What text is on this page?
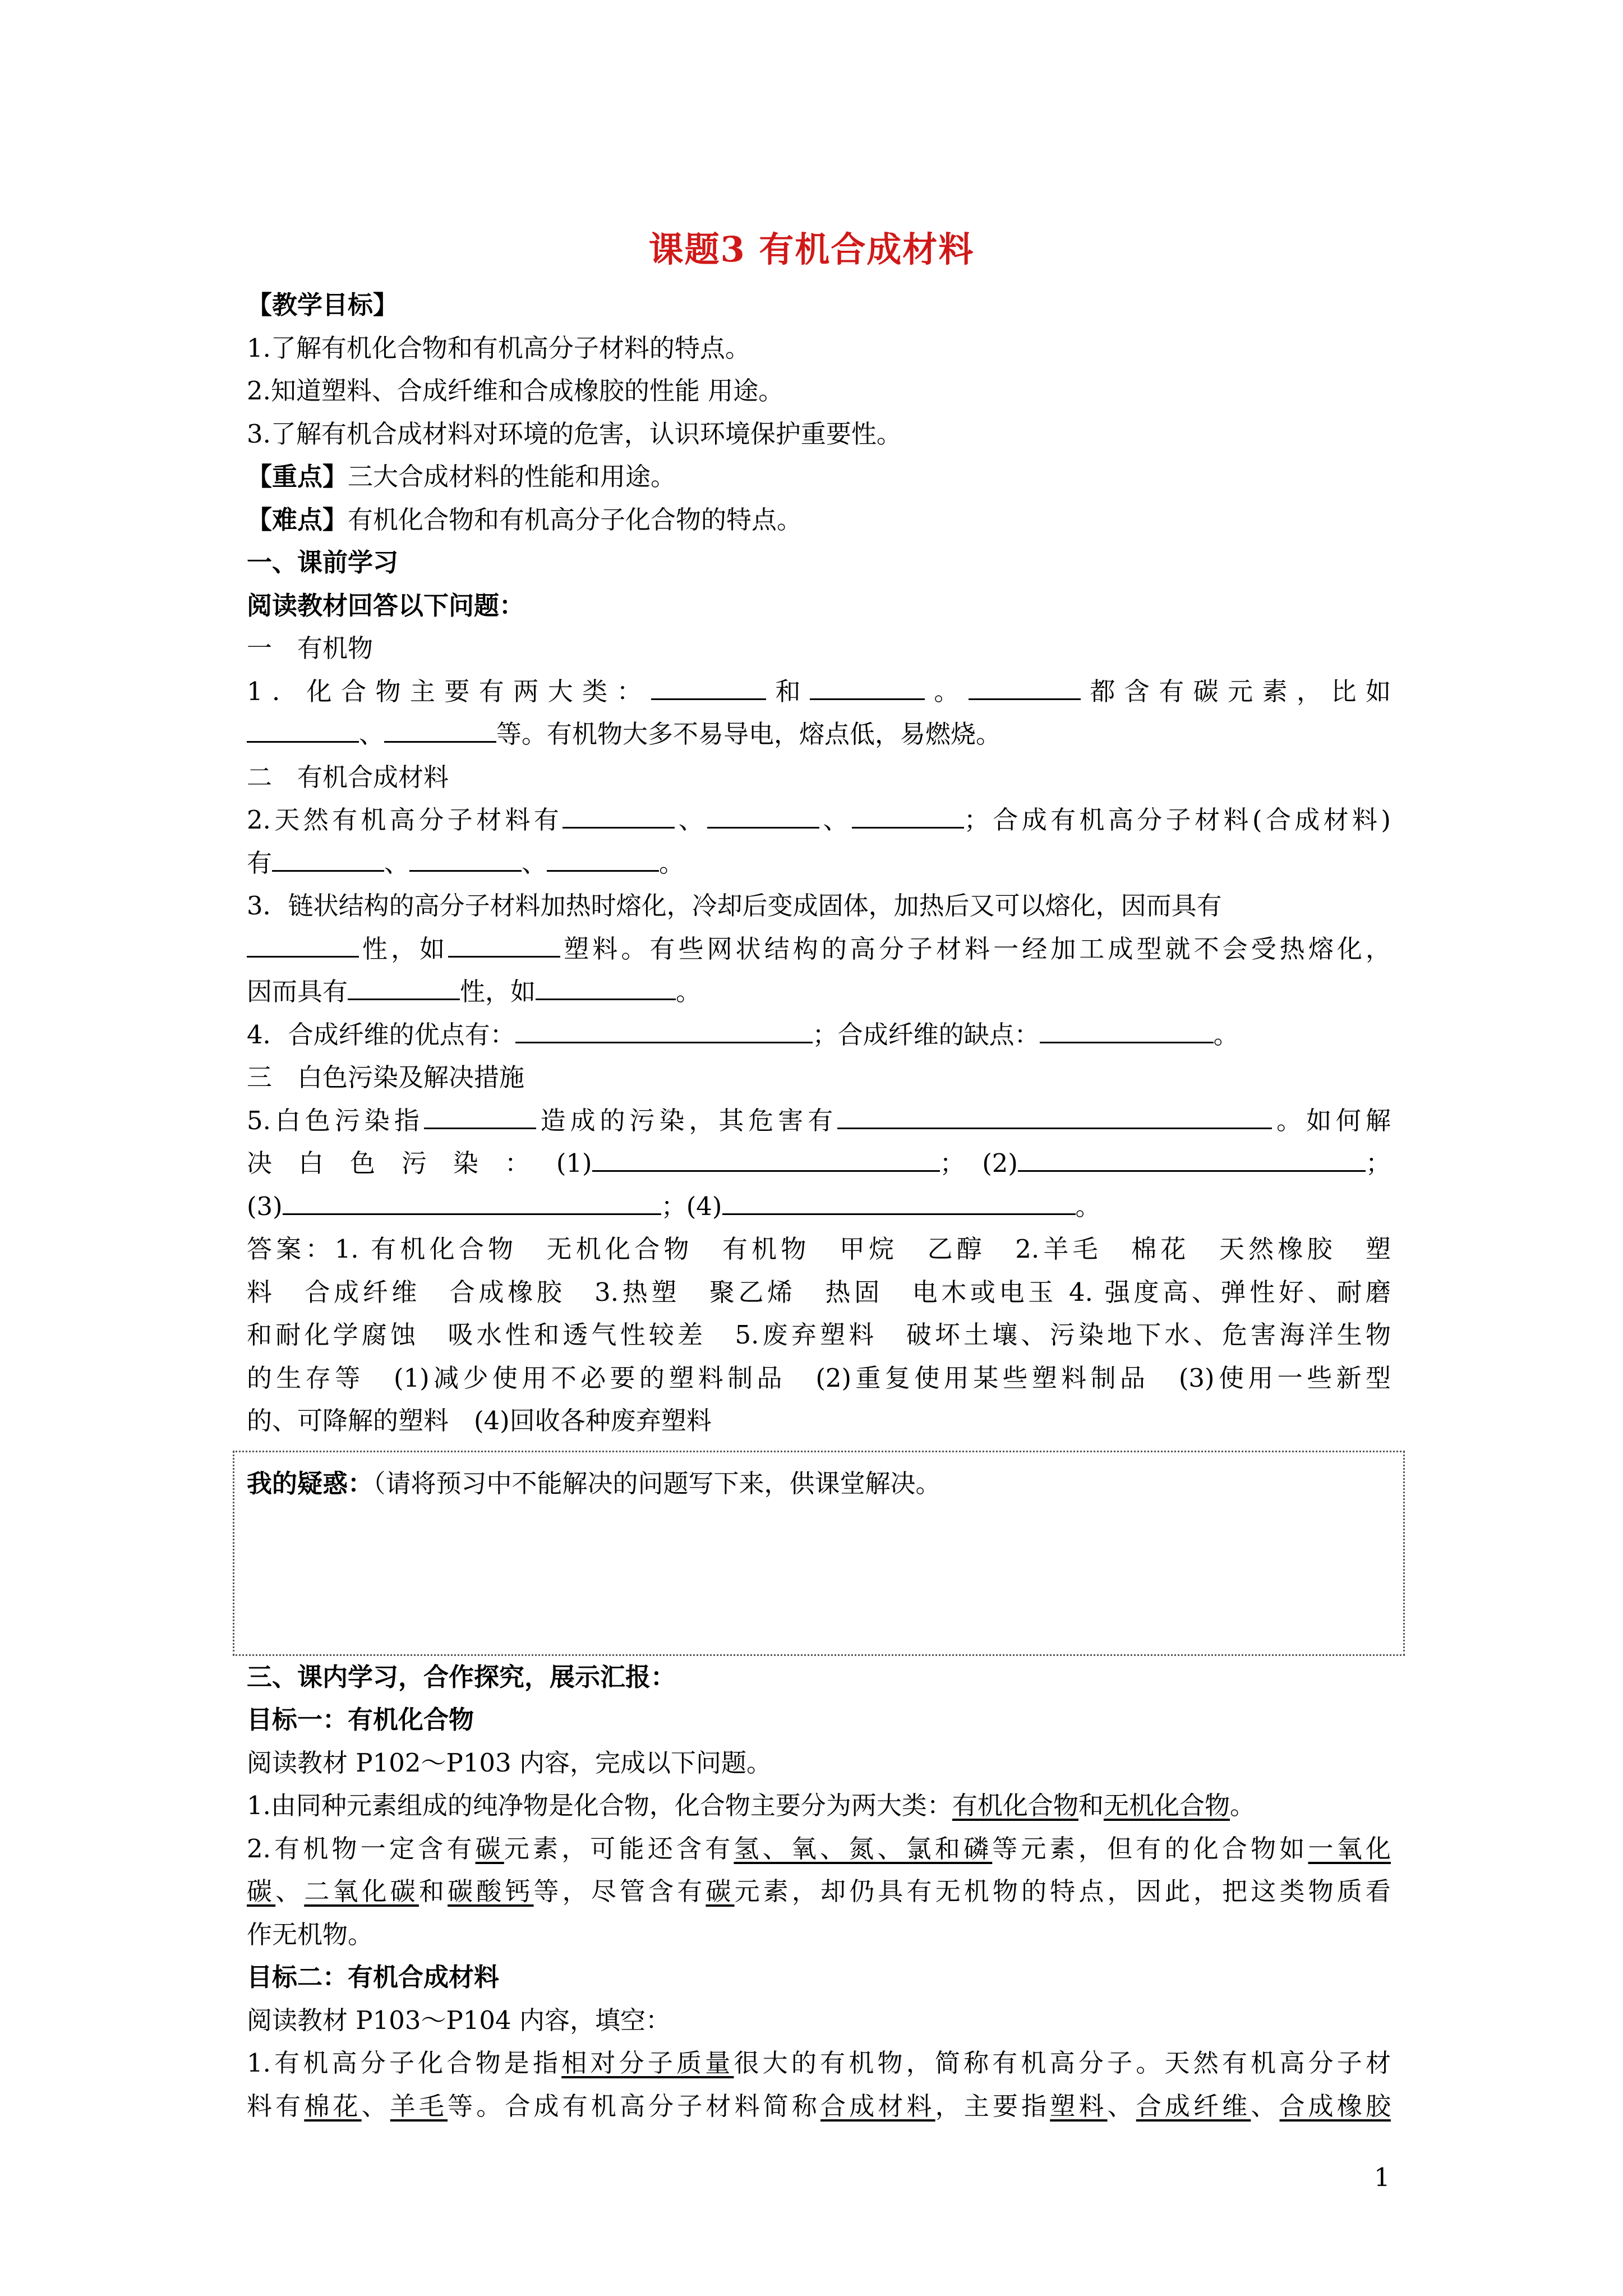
课题3 有机合成材料
【教学目标】
1.了解有机化合物和有机高分子材料的特点。
2.知道塑料、合成纤维和合成橡胶的性能 用途。
3.了解有机合成材料对环境的危害，认识环境保护重要性。
【重点】三大合成材料的性能和用途。
【难点】有机化合物和有机高分子化合物的特点。
一、课前学习
阅读教材回答以下问题：
一　有机物
1．化合物主要有两大类：	和	。	都含有碳元素，比如
、	等。有机物大多不易导电，熔点低，易燃烧。
二　有机合成材料
2.天然有机高分子材料有	、	、	；合成有机高分子材料(合成材料)
有	、	、	。
3．链状结构的高分子材料加热时熔化，冷却后变成固体，加热后又可以熔化，因而具有
性，如	塑料。有些网状结构的高分子材料一经加工成型就不会受热熔化，
因而具有	性，如	。
4．合成纤维的优点有：	；合成纤维的缺点：	。
三　白色污染及解决措施
5.白色污染指	造成的污染，其危害有	。如何解
决 白 色 污 染 ： (1)	； (2)	；
(3)	；(4)	。
答案：1. 有机化合物　无机化合物　有机物　甲烷　乙醇　2.羊毛　棉花　天然橡胶　塑
料　合成纤维　合成橡胶　3.热塑　聚乙烯　热固　电木或电玉 4. 强度高、弹性好、耐磨
和耐化学腐蚀　吸水性和透气性较差　5.废弃塑料　破坏土壤、污染地下水、危害海洋生物
的生存等　(1)减少使用不必要的塑料制品　(2)重复使用某些塑料制品　(3)使用一些新型
的、可降解的塑料　(4)回收各种废弃塑料
我的疑惑：（请将预习中不能解决的问题写下来，供课堂解决。
三、课内学习，合作探究，展示汇报：
目标一：有机化合物
阅读教材 P102～P103 内容，完成以下问题。
1.由同种元素组成的纯净物是化合物，化合物主要分为两大类：有机化合物和无机化合物。
2.有机物一定含有碳元素，可能还含有氢、氧、氮、氯和磷等元素，但有的化合物如一氧化
碳、二氧化碳和碳酸钙等，尽管含有碳元素，却仍具有无机物的特点，因此，把这类物质看
作无机物。
目标二：有机合成材料
阅读教材 P103～P104 内容，填空：
1.有机高分子化合物是指相对分子质量很大的有机物，简称有机高分子。天然有机高分子材
料有棉花、羊毛等。合成有机高分子材料简称合成材料，主要指塑料、合成纤维、合成橡胶
1
